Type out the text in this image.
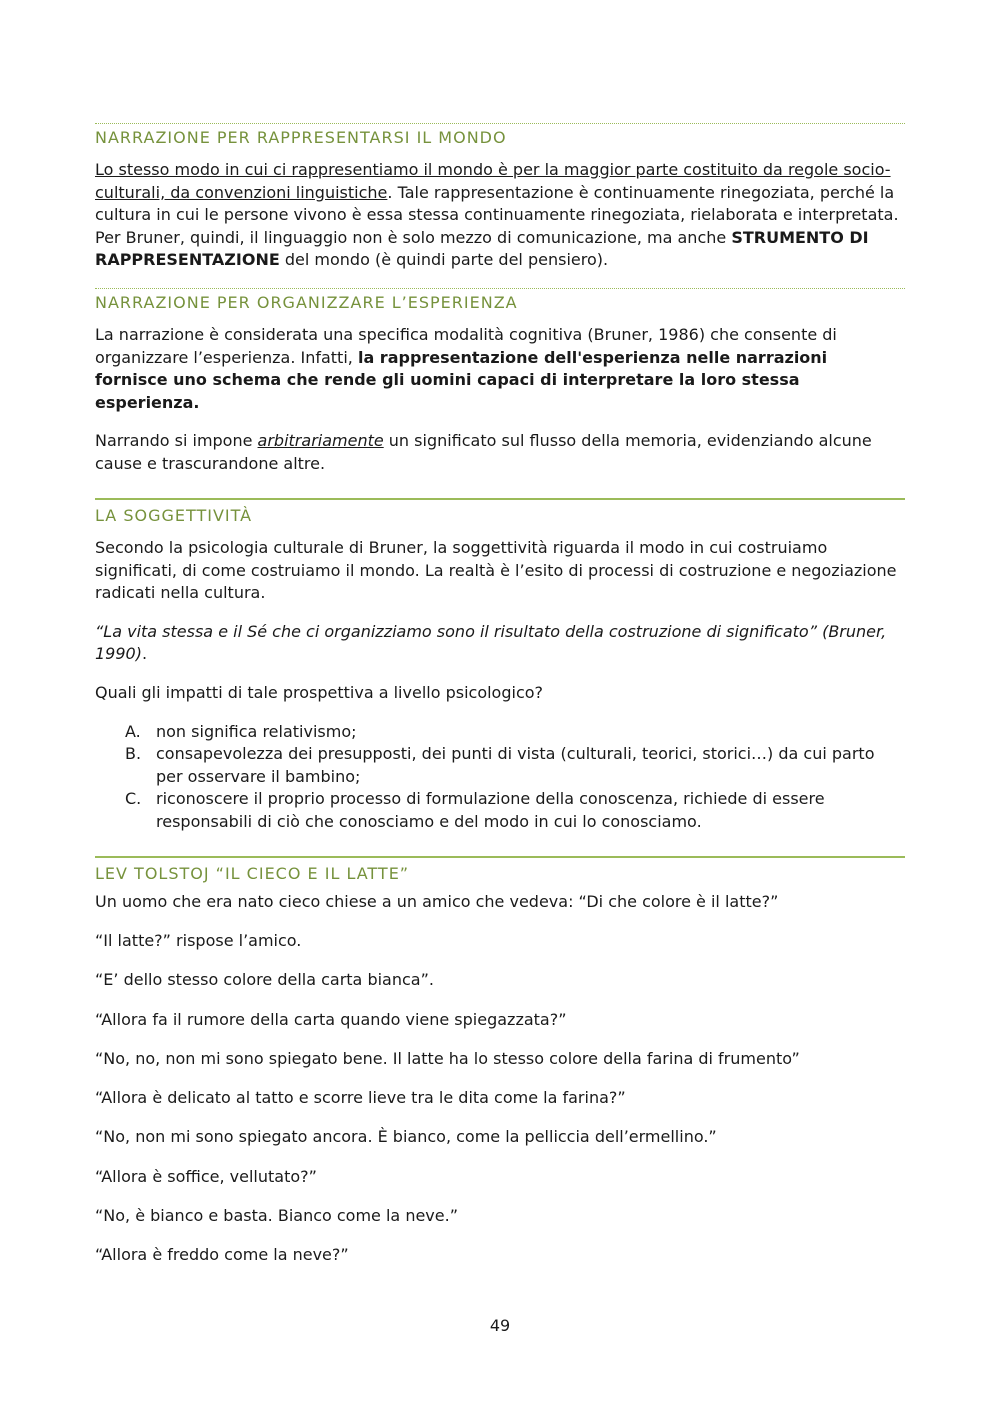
NARRAZIONE PER RAPPRESENTARSI IL MONDO

Lo stesso modo in cui ci rappresentiamo il mondo è per la maggior parte costituito da regole socio-culturali, da convenzioni linguistiche. Tale rappresentazione è continuamente rinegoziata, perché la cultura in cui le persone vivono è essa stessa continuamente rinegoziata, rielaborata e interpretata. Per Bruner, quindi, il linguaggio non è solo mezzo di comunicazione, ma anche STRUMENTO DI RAPPRESENTAZIONE del mondo (è quindi parte del pensiero).

NARRAZIONE PER ORGANIZZARE L’ESPERIENZA

La narrazione è considerata una specifica modalità cognitiva (Bruner, 1986) che consente di organizzare l’esperienza. Infatti, la rappresentazione dell'esperienza nelle narrazioni fornisce uno schema che rende gli uomini capaci di interpretare la loro stessa esperienza.

Narrando si impone arbitrariamente un significato sul flusso della memoria, evidenziando alcune cause e trascurandone altre.

LA SOGGETTIVITÀ

Secondo la psicologia culturale di Bruner, la soggettività riguarda il modo in cui costruiamo significati, di come costruiamo il mondo. La realtà è l’esito di processi di costruzione e negoziazione radicati nella cultura.

“La vita stessa e il Sé che ci organizziamo sono il risultato della costruzione di significato” (Bruner, 1990).

Quali gli impatti di tale prospettiva a livello psicologico?

A. non significa relativismo;
B. consapevolezza dei presupposti, dei punti di vista (culturali, teorici, storici…) da cui parto per osservare il bambino;
C. riconoscere il proprio processo di formulazione della conoscenza, richiede di essere responsabili di ciò che conosciamo e del modo in cui lo conosciamo.
LEV TOLSTOJ “IL CIECO E IL LATTE”
Un uomo che era nato cieco chiese a un amico che vedeva: “Di che colore è il latte?”
“Il latte?” rispose l’amico.
“E’ dello stesso colore della carta bianca”.
“Allora fa il rumore della carta quando viene spiegazzata?”
“No, no, non mi sono spiegato bene. Il latte ha lo stesso colore della farina di frumento”
“Allora è delicato al tatto e scorre lieve tra le dita come la farina?”
“No, non mi sono spiegato ancora. È bianco, come la pelliccia dell’ermellino.”
“Allora è soffice, vellutato?”
“No, è bianco e basta. Bianco come la neve.”
“Allora è freddo come la neve?”
49
